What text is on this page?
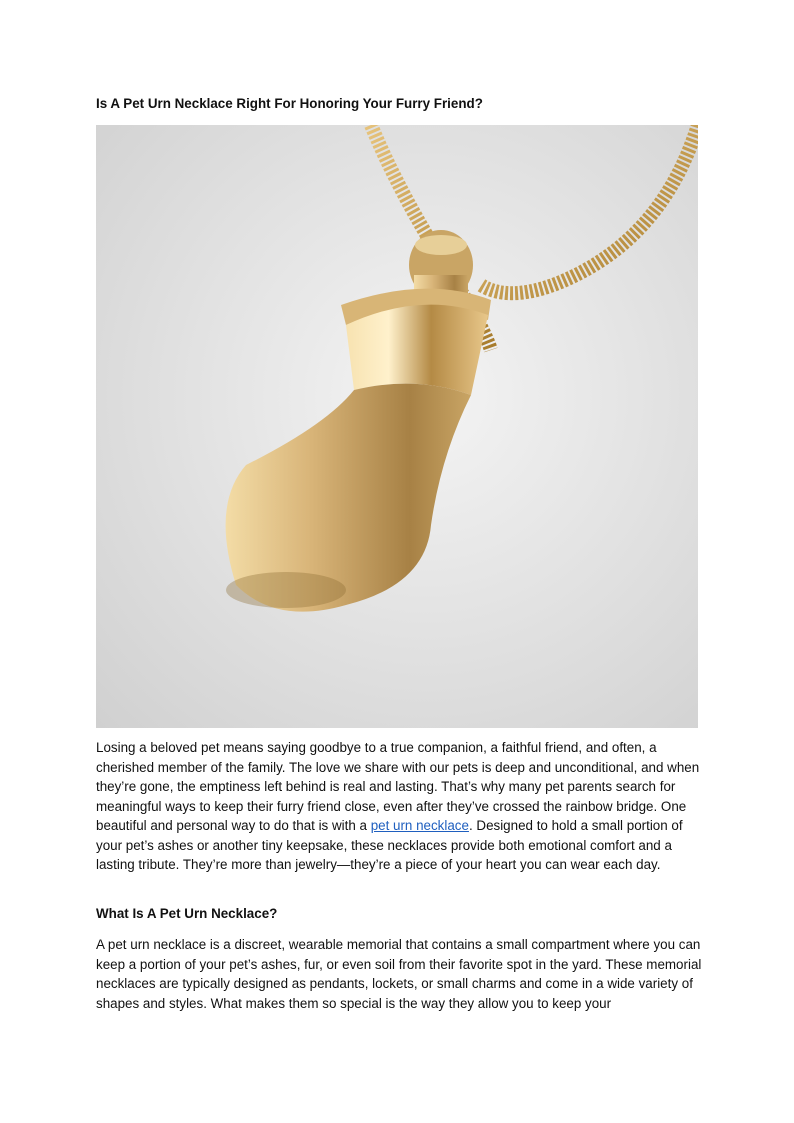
Is A Pet Urn Necklace Right For Honoring Your Furry Friend?

Losing a beloved pet means saying goodbye to a true companion, a faithful friend, and often, a cherished member of the family. The love we share with our pets is deep and unconditional, and when they’re gone, the emptiness left behind is real and lasting. That’s why many pet parents search for meaningful ways to keep their furry friend close, even after they’ve crossed the rainbow bridge. One beautiful and personal way to do that is with a pet urn necklace. Designed to hold a small portion of your pet’s ashes or another tiny keepsake, these necklaces provide both emotional comfort and a lasting tribute. They’re more than jewelry—they’re a piece of your heart you can wear each day.

What Is A Pet Urn Necklace?

A pet urn necklace is a discreet, wearable memorial that contains a small compartment where you can keep a portion of your pet’s ashes, fur, or even soil from their favorite spot in the yard. These memorial necklaces are typically designed as pendants, lockets, or small charms and come in a wide variety of shapes and styles. What makes them so special is the way they allow you to keep your
